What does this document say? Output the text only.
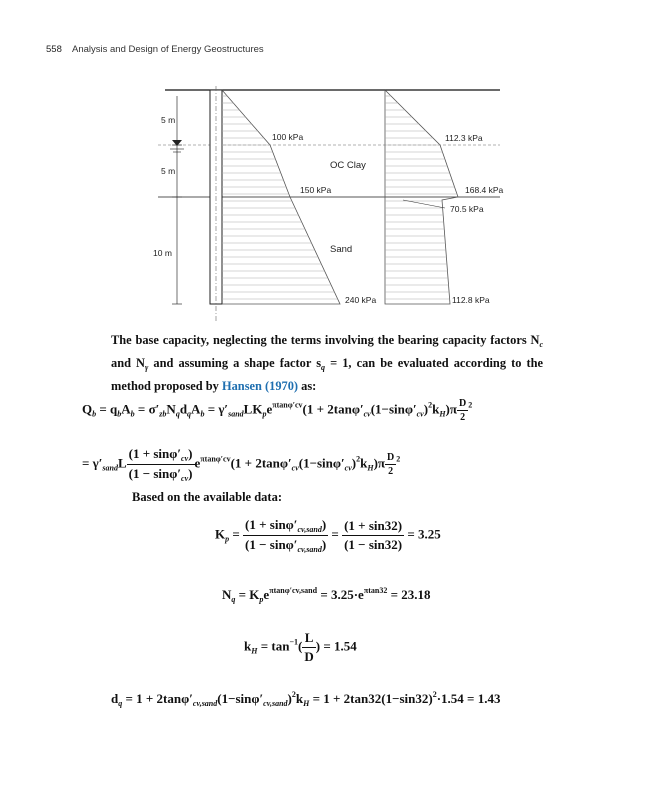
558 Analysis and Design of Energy Geostructures
5 m
5 m
10 m
100 kPa
150 kPa
240 kPa
OC Clay
Sand
112.3 kPa
168.4 kPa
70.5 kPa
112.8 kPa
The base capacity, neglecting the terms involving the bearing capacity factors $N_c$ and $N_\gamma$ and assuming a shape factor $s_q = 1$, can be evaluated according to the method proposed by Hansen (1970) as:
$Q_b = q_bA_b = \sigma'_{zb}N_qd_qA_b = \gamma'_{sand}LK_pe^{\pi tan\varphi'cv}(1 + 2\tan\varphi'_{cv}(1-\sin\varphi'_{cv})^2k_H)\pi \frac{D}{2} ^2$
= $\gamma'_{sand}L \frac{(1 + \sin\varphi'_{cv})}{(1 - \sin\varphi'_{cv})} e^{\pi tan\varphi'cv}(1 + 2\tan\varphi'_{cv}(1-\sin\varphi'_{cv})^2k_H)\pi \frac{D}{2} ^2$
Based on the available data:
$K_p = \frac{(1 + \sin\varphi'_{cv,sand})}{(1 - \sin\varphi'_{cv,sand})} = \frac{(1 + \sin 32)}{(1 - \sin 32)} = 3.25$
$N_q = K_pe^{\pi tan\varphi'cv,sand} = 3.25\cdot e^{\pi tan32} = 23.18$
$k_H = \tan^{-1}( \frac{L}{D}$ ) = 1.54
$d_q = 1 + 2\tan\varphi'_{cv,sand}(1-\sin\varphi'_{cv,sand})^2k_H = 1 + 2\tan 32(1-\sin 32)^2\cdot 1.54 = 1.43$
